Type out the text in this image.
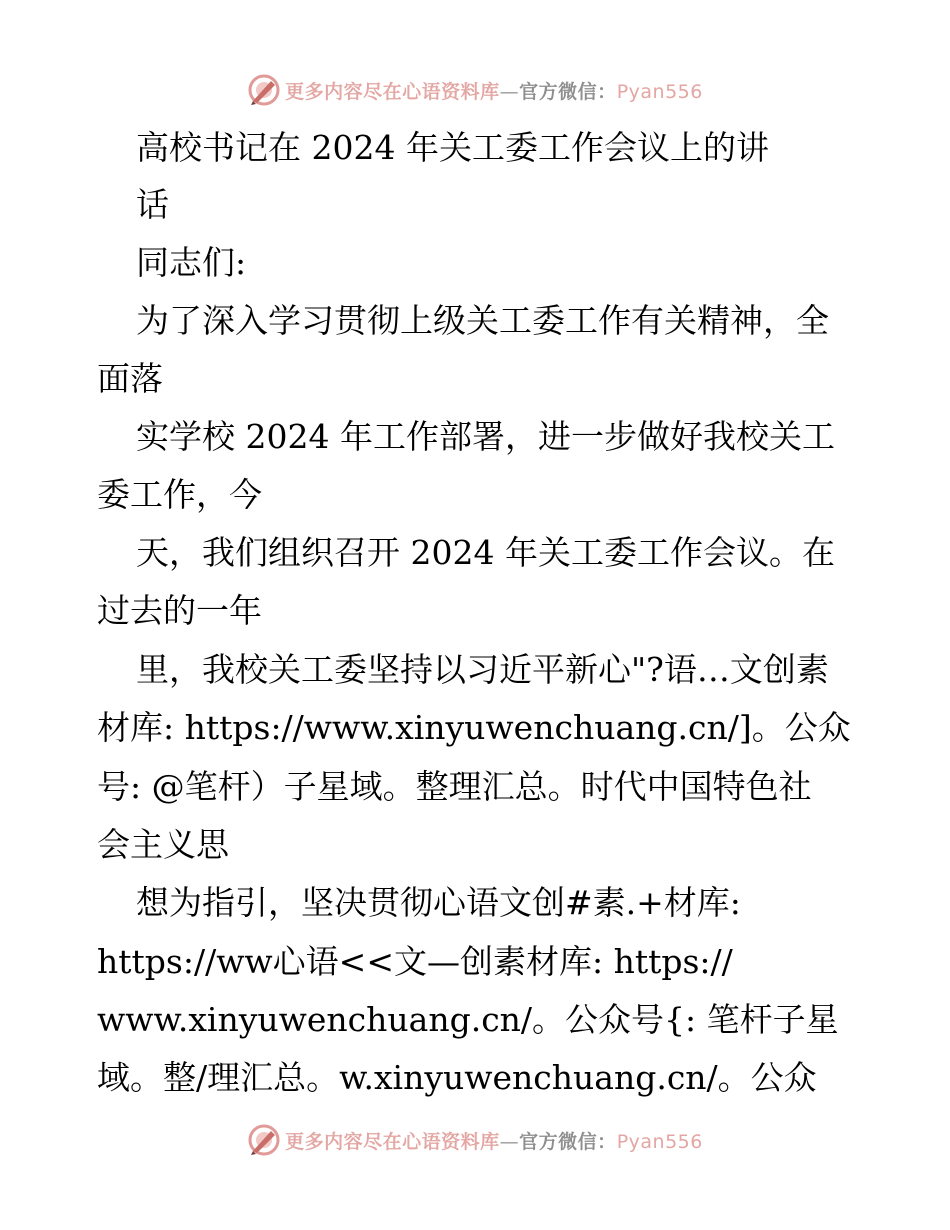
更多内容尽在心语资料库—官方微信：Pyan556
高校书记在 2024 年关工委工作会议上的讲
话
同志们:
为了深入学习贯彻上级关工委工作有关精神，全
面落
实学校 2024 年工作部署，进一步做好我校关工
委工作，今
天，我们组织召开 2024 年关工委工作会议。在
过去的一年
里，我校关工委坚持以习近平新心"?语…文创素
材库: https://www.xinyuwenchuang.cn/]。公众
号: @笔杆）子星域。整理汇总。时代中国特色社
会主义思
想为指引，坚决贯彻心语文创#素.+材库:
https://ww心语<<文—创素材库: https://
www.xinyuwenchuang.cn/。公众号{: 笔杆子星
域。整/理汇总。w.xinyuwenchuang.cn/。公众
更多内容尽在心语资料库—官方微信：Pyan556
